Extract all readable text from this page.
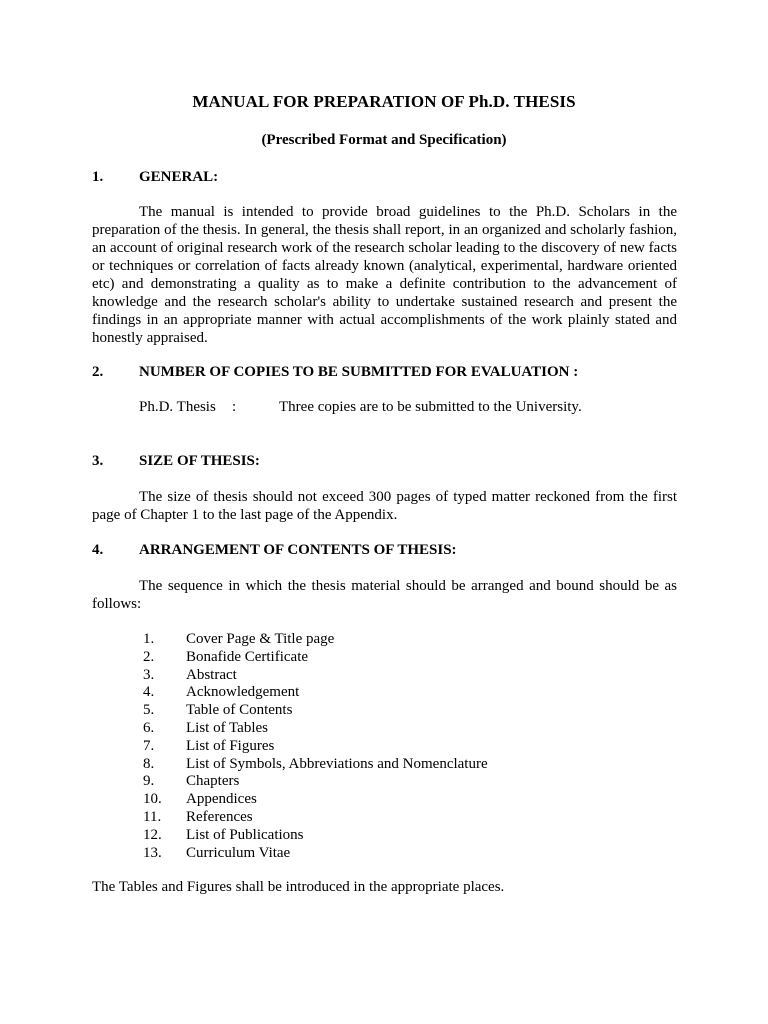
MANUAL FOR PREPARATION OF Ph.D. THESIS
(Prescribed Format and Specification)
1. GENERAL:
The manual is intended to provide broad guidelines to the Ph.D. Scholars in the preparation of the thesis. In general, the thesis shall report, in an organized and scholarly fashion, an account of original research work of the research scholar leading to the discovery of new facts or techniques or correlation of facts already known (analytical, experimental, hardware oriented etc) and demonstrating a quality as to make a definite contribution to the advancement of knowledge and the research scholar's ability to undertake sustained research and present the findings in an appropriate manner with actual accomplishments of the work plainly stated and honestly appraised.
2. NUMBER OF COPIES TO BE SUBMITTED FOR EVALUATION :
Ph.D. Thesis :	Three copies are to be submitted to the University.
3. SIZE OF THESIS:
The size of thesis should not exceed 300 pages of typed matter reckoned from the first page of Chapter 1 to the last page of the Appendix.
4. ARRANGEMENT OF CONTENTS OF THESIS:
The sequence in which the thesis material should be arranged and bound should be as follows:
1. Cover Page & Title page
2. Bonafide Certificate
3. Abstract
4. Acknowledgement
5. Table of Contents
6. List of Tables
7. List of Figures
8. List of Symbols, Abbreviations and Nomenclature
9. Chapters
10. Appendices
11. References
12. List of Publications
13. Curriculum Vitae
The Tables and Figures shall be introduced in the appropriate places.
